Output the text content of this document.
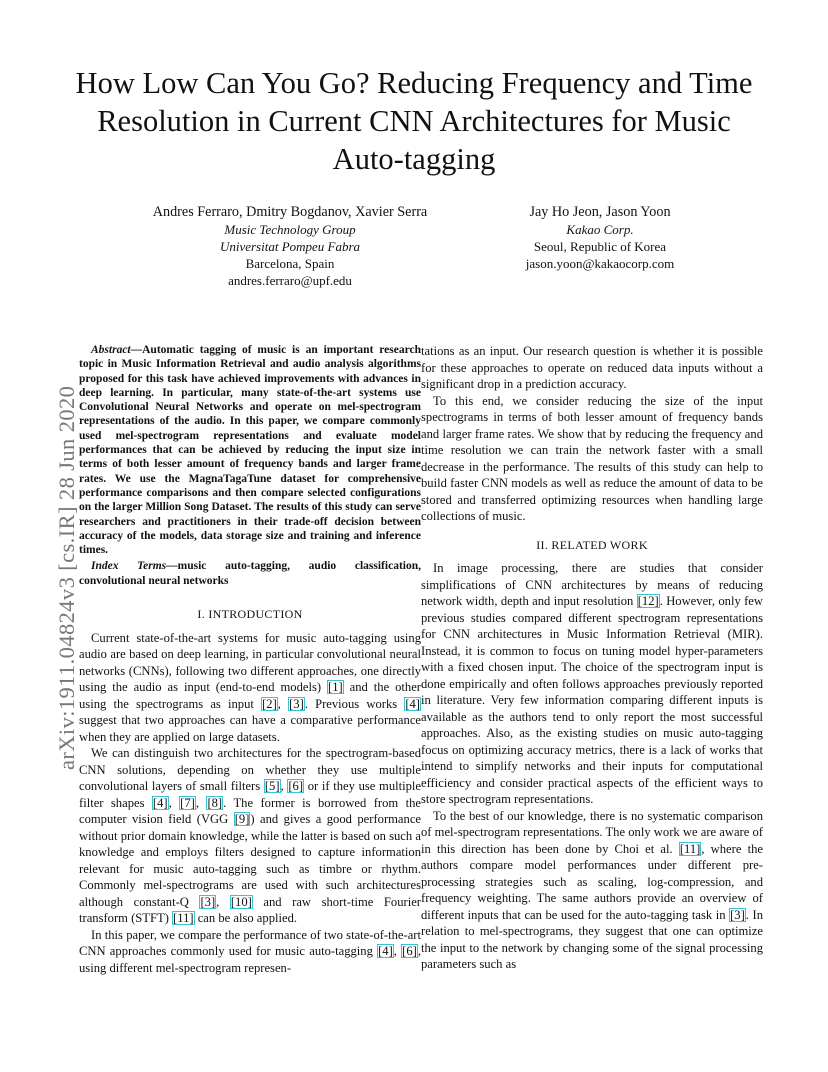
arXiv:1911.04824v3 [cs.IR] 28 Jun 2020
How Low Can You Go? Reducing Frequency and Time Resolution in Current CNN Architectures for Music Auto-tagging
Andres Ferraro, Dmitry Bogdanov, Xavier Serra
Music Technology Group
Universitat Pompeu Fabra
Barcelona, Spain
andres.ferraro@upf.edu
Jay Ho Jeon, Jason Yoon
Kakao Corp.
Seoul, Republic of Korea
jason.yoon@kakaocorp.com

Abstract—Automatic tagging of music is an important research topic in Music Information Retrieval and audio analysis algorithms proposed for this task have achieved improvements with advances in deep learning. In particular, many state-of-the-art systems use Convolutional Neural Networks and operate on mel-spectrogram representations of the audio. In this paper, we compare commonly used mel-spectrogram representations and evaluate model performances that can be achieved by reducing the input size in terms of both lesser amount of frequency bands and larger frame rates. We use the MagnaTagaTune dataset for comprehensive performance comparisons and then compare selected configurations on the larger Million Song Dataset. The results of this study can serve researchers and practitioners in their trade-off decision between accuracy of the models, data storage size and training and inference times.

Index Terms—music auto-tagging, audio classification, convolutional neural networks

I. INTRODUCTION

Current state-of-the-art systems for music auto-tagging using audio are based on deep learning, in particular convolutional neural networks (CNNs), following two different approaches, one directly using the audio as input (end-to-end models) [1] and the other using the spectrograms as input [2], [3]. Previous works [4] suggest that two approaches can have a comparative performance when they are applied on large datasets.

We can distinguish two architectures for the spectrogram-based CNN solutions, depending on whether they use multiple convolutional layers of small filters [5], [6] or if they use multiple filter shapes [4], [7], [8]. The former is borrowed from the computer vision field (VGG [9]) and gives a good performance without prior domain knowledge, while the latter is based on such a knowledge and employs filters designed to capture information relevant for music auto-tagging such as timbre or rhythm. Commonly mel-spectrograms are used with such architectures although constant-Q [3], [10] and raw short-time Fourier transform (STFT) [11] can be also applied.

In this paper, we compare the performance of two state-of-the-art CNN approaches commonly used for music auto-tagging [4], [6], using different mel-spectrogram represen-

tations as an input. Our research question is whether it is possible for these approaches to operate on reduced data inputs without a significant drop in a prediction accuracy.

To this end, we consider reducing the size of the input spectrograms in terms of both lesser amount of frequency bands and larger frame rates. We show that by reducing the frequency and time resolution we can train the network faster with a small decrease in the performance. The results of this study can help to build faster CNN models as well as reduce the amount of data to be stored and transferred optimizing resources when handling large collections of music.

II. RELATED WORK

In image processing, there are studies that consider simplifications of CNN architectures by means of reducing network width, depth and input resolution [12]. However, only few previous studies compared different spectrogram representations for CNN architectures in Music Information Retrieval (MIR). Instead, it is common to focus on tuning model hyper-parameters with a fixed chosen input. The choice of the spectrogram input is done empirically and often follows approaches previously reported in literature. Very few information comparing different inputs is available as the authors tend to only report the most successful approaches. Also, as the existing studies on music auto-tagging focus on optimizing accuracy metrics, there is a lack of works that intend to simplify networks and their inputs for computational efficiency and consider practical aspects of the efficient ways to store spectrogram representations.

To the best of our knowledge, there is no systematic comparison of mel-spectrogram representations. The only work we are aware of in this direction has been done by Choi et al. [11], where the authors compare model performances under different pre-processing strategies such as scaling, log-compression, and frequency weighting. The same authors provide an overview of different inputs that can be used for the auto-tagging task in [3]. In relation to mel-spectrograms, they suggest that one can optimize the input to the network by changing some of the signal processing parameters such as
